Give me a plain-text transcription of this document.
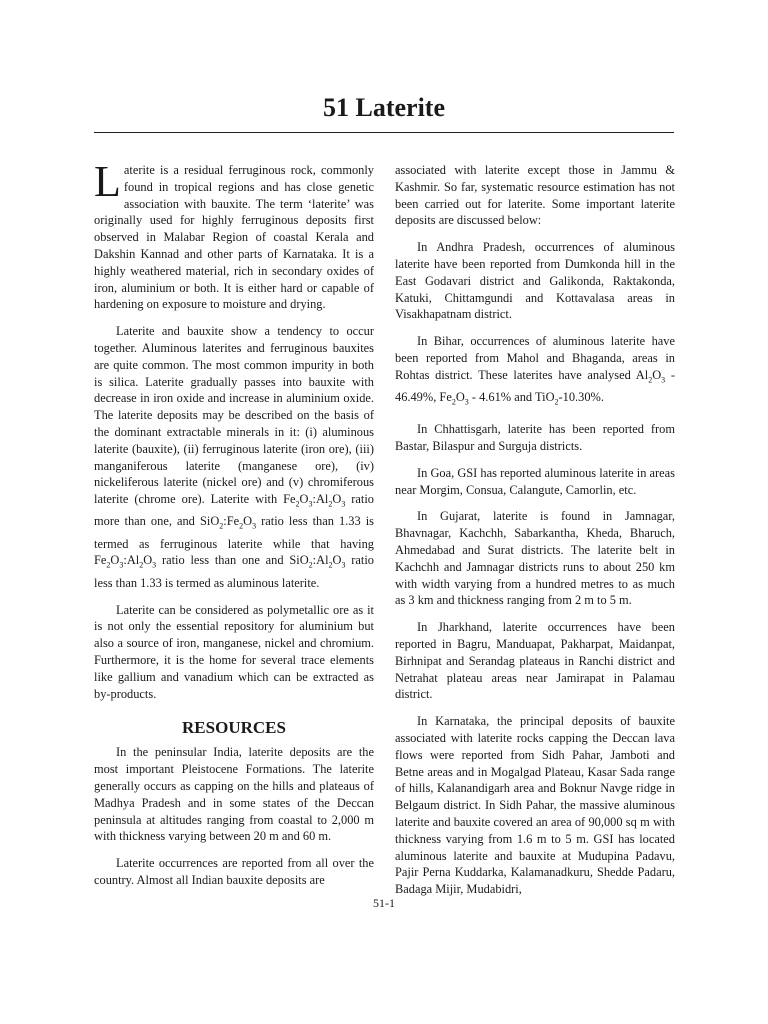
51 Laterite

Laterite is a residual ferruginous rock, commonly found in tropical regions and has close genetic association with bauxite. The term ‘laterite’ was originally used for highly ferruginous deposits first observed in Malabar Region of coastal Kerala and Dakshin Kannad and other parts of Karnataka. It is a highly weathered material, rich in secondary oxides of iron, aluminium or both. It is either hard or capable of hardening on exposure to moisture and drying.

Laterite and bauxite show a tendency to occur together. Aluminous laterites and ferruginous bauxites are quite common. The most common impurity in both is silica. Laterite gradually passes into bauxite with decrease in iron oxide and increase in aluminium oxide. The laterite deposits may be described on the basis of the dominant extractable minerals in it: (i) aluminous laterite (bauxite), (ii) ferruginous laterite (iron ore), (iii) manganiferous laterite (manganese ore), (iv) nickeliferous laterite (nickel ore) and (v) chromiferous laterite (chrome ore). Laterite with $Fe_2O_3:Al_2O_3$ ratio more than one, and $SiO_2:Fe_2O_3$ ratio less than 1.33 is termed as ferruginous laterite while that having $Fe_2O_3:Al_2O_3$ ratio less than one and $SiO_2:Al_2O_3$ ratio less than 1.33 is termed as aluminous laterite.

Laterite can be considered as polymetallic ore as it is not only the essential repository for aluminium but also a source of iron, manganese, nickel and chromium. Furthermore, it is the home for several trace elements like gallium and vanadium which can be extracted as by-products.

RESOURCES

In the peninsular India, laterite deposits are the most important Pleistocene Formations. The laterite generally occurs as capping on the hills and plateaus of Madhya Pradesh and in some states of the Deccan peninsula at altitudes ranging from coastal to 2,000 m with thickness varying between 20 m and 60 m.

Laterite occurrences are reported from all over the country. Almost all Indian bauxite deposits are

associated with laterite except those in Jammu & Kashmir. So far, systematic resource estimation has not been carried out for laterite. Some important laterite deposits are discussed below:

In Andhra Pradesh, occurrences of aluminous laterite have been reported from Dumkonda hill in the East Godavari district and Galikonda, Raktakonda, Katuki, Chittamgundi and Kottavalasa areas in Visakhapatnam district.

In Bihar, occurrences of aluminous laterite have been reported from Mahol and Bhaganda, areas in Rohtas district. These laterites have analysed $Al_2O_3 - 46.49\%$, $Fe_2O_3 - 4.61\%$ and TiO$_2$-10.30%.

In Chhattisgarh, laterite has been reported from Bastar, Bilaspur and Surguja districts.

In Goa, GSI has reported aluminous laterite in areas near Morgim, Consua, Calangute, Camorlin, etc.

In Gujarat, laterite is found in Jamnagar, Bhavnagar, Kachchh, Sabarkantha, Kheda, Bharuch, Ahmedabad and Surat districts. The laterite belt in Kachchh and Jamnagar districts runs to about 250 km with width varying from a hundred metres to as much as 3 km and thickness ranging from 2 m to 5 m.

In Jharkhand, laterite occurrences have been reported in Bagru, Manduapat, Pakharpat, Maidanpat, Birhnipat and Serandag plateaus in Ranchi district and Netrahat plateau areas near Jamirapat in Palamau district.

In Karnataka, the principal deposits of bauxite associated with laterite rocks capping the Deccan lava flows were reported from Sidh Pahar, Jamboti and Betne areas and in Mogalgad Plateau, Kasar Sada range of hills, Kalanandigarh area and Boknur Navge ridge in Belgaum district. In Sidh Pahar, the massive aluminous laterite and bauxite covered an area of 90,000 sq m with thickness varying from 1.6 m to 5 m. GSI has located aluminous laterite and bauxite at Mudupina Padavu, Pajir Perna Kuddarka, Kalamanadkuru, Shedde Padaru, Badaga Mijir, Mudabidri,

51-1
